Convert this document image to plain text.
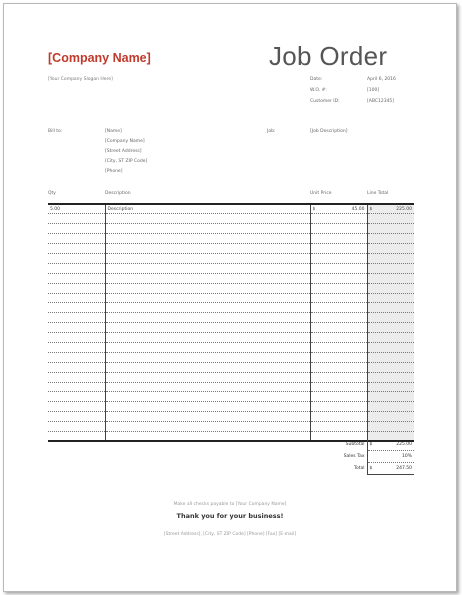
[Company Name]
[Your Company Slogan Here]
Job Order
Date:	April 6, 2016
W.O. #:	[100]
Customer ID:	[ABC12345]
Bill to:	[Name]
[Company Name]
[Street Address]
[City, ST ZIP Code]
[Phone]
Job:	[Job Description]
Qty	Description	Unit Price	Line Total
5.00	Description	$ 45.00	$ 225.00

Subtotal	$ 225.00

Sales Tax	10%
Total	$ 247.50
Make all checks payable to [Your Company Name]
Thank you for your business!
[Street Address], [City, ST ZIP Code] [Phone] [Fax] [E-mail]
